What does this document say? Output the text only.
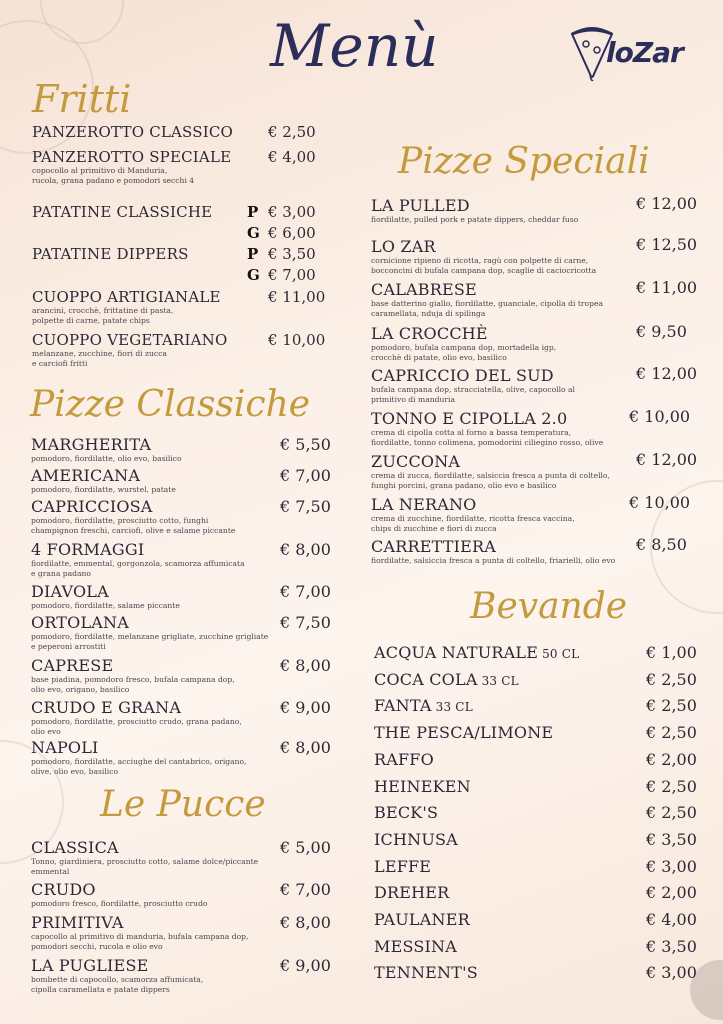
Menù	loZar
Fritti
PANZEROTTO CLASSICO € 2,50
PANZEROTTO SPECIALE
copocollo al primitivo di Manduria,
rucola, grana padano e pomodori secchi 4
€ 4,00
PATATINE CLASSICHE P € 3,00
G € 6,00
PATATINE DIPPERS	P € 3,50
G € 7,00
CUOPPO ARTIGIANALE
arancini, crocchè, frittatine di pasta,
polpette di carne, patate chips
€ 11,00
CUOPPO VEGETARIANO
melanzane, zucchine, fiori di zucca
e carciofi fritti
€ 10,00
Pizze Classiche
MARGHERITA
pomodoro, fiordilatte, olio evo, basilico
€ 5,50
AMERICANA
pomodoro, fiordilatte, wurstel, patate
€ 7,00
CAPRICCIOSA
pomodoro, fiordilatte, prosciutto cotto, funghi
champignon freschi, carciofi, olive e salame piccante
€ 7,50
4 FORMAGGI
fiordilatte, emmental, gorgonzola, scamorza affumicata
e grana padano
€ 8,00
DIAVOLA
pomodoro, fiordilatte, salame piccante
€ 7,00
ORTOLANA
pomodoro, fiordilatte, melanzane grigliate, zucchine grigliate
e peperoni arrostiti
€ 7,50
CAPRESE
base piadina, pomodoro fresco, bufala campana dop,
olio evo, origano, basilico
€ 8,00
CRUDO E GRANA
pomodoro, fiordilatte, prosciutto crudo, grana padano,
olio evo
€ 9,00
NAPOLI
pomodoro, fiordilatte, acciughe del cantabrico, origano,
olive, olio evo, basilico
€ 8,00
Le Pucce
CLASSICA
Tonno, giardiniera, prosciutto cotto, salame dolce/piccante
emmental
€ 5,00
CRUDO
pomodoro fresco, fiordilatte, prosciutto crudo
€ 7,00
PRIMITIVA
capocollo al primitivo di manduria, bufala campana dop,
pomodori secchi, rucola e olio evo
€ 8,00
LA PUGLIESE
bombette di capocollo, scamorza affumicata,
cipolla caramellata e patate dippers
€ 9,00
Pizze Speciali
LA PULLED
fiordilatte, pulled pork e patate dippers, cheddar fuso
€ 12,00
LO ZAR
cornicione ripieno di ricotta, ragù con polpette di carne,
bocconcini di bufala campana dop, scaglie di caciocricotta
€ 12,50
CALABRESE
base datterino giallo, fiordilatte, guanciale, cipolla di tropea
caramellata, nduja di spilinga
€ 11,00
LA CROCCHÈ
pomodoro, bufala campana dop, mortadella igp,
crocchè di patate, olio evo, basilico
€ 9,50
CAPRICCIO DEL SUD
bufala campana dop, stracciatella, olive, capocollo al
primitivo di manduria
€ 12,00
TONNO E CIPOLLA 2.0
crema di cipolla cotta al forno a bassa temperatura,
fiordilatte, tonno colimena, pomodorini ciliegino rosso, olive
€ 10,00
ZUCCONA
crema di zucca, fiordilatte, salsiccia fresca a punta di coltello,
funghi porcini, grana padano, olio evo e basilico
€ 12,00
LA NERANO
crema di zucchine, fiordilatte, ricotta fresca vaccina,
chips di zucchine e fiori di zucca
€ 10,00
CARRETTIERA
fiordilatte, salsiccia fresca a punta di coltello, friarielli, olio evo
€ 8,50
Bevande
ACQUA NATURALE 50 CL	€ 1,00
COCA COLA 33 CL	€ 2,50
FANTA 33 CL	€ 2,50
THE PESCA/LIMONE	€ 2,50
RAFFO	€ 2,00
HEINEKEN	€ 2,50
BECK'S	€ 2,50
ICHNUSA	€ 3,50
LEFFE	€ 3,00
DREHER	€ 2,00
PAULANER	€ 4,00
MESSINA	€ 3,50
TENNENT'S	€ 3,00
